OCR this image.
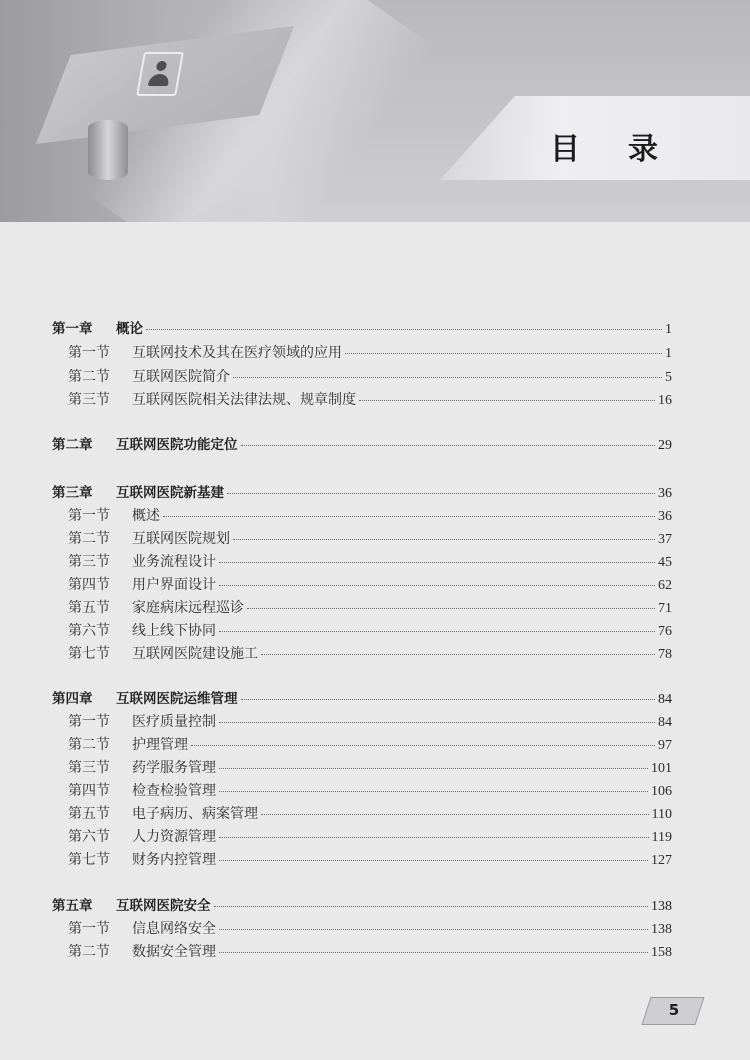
目录
第一章	概论	1
第一节	互联网技术及其在医疗领域的应用	1
第二节	互联网医院简介	5
第三节	互联网医院相关法律法规、规章制度	16
第二章	互联网医院功能定位	29
第三章	互联网医院新基建	36
第一节	概述	36
第二节	互联网医院规划	37
第三节	业务流程设计	45
第四节	用户界面设计	62
第五节	家庭病床远程巡诊	71
第六节	线上线下协同	76
第七节	互联网医院建设施工	78
第四章	互联网医院运维管理	84
第一节	医疗质量控制	84
第二节	护理管理	97
第三节	药学服务管理	101
第四节	检查检验管理	106
第五节	电子病历、病案管理	110
第六节	人力资源管理	119
第七节	财务内控管理	127
第五章	互联网医院安全	138
第一节	信息网络安全	138
第二节	数据安全管理	158
5
